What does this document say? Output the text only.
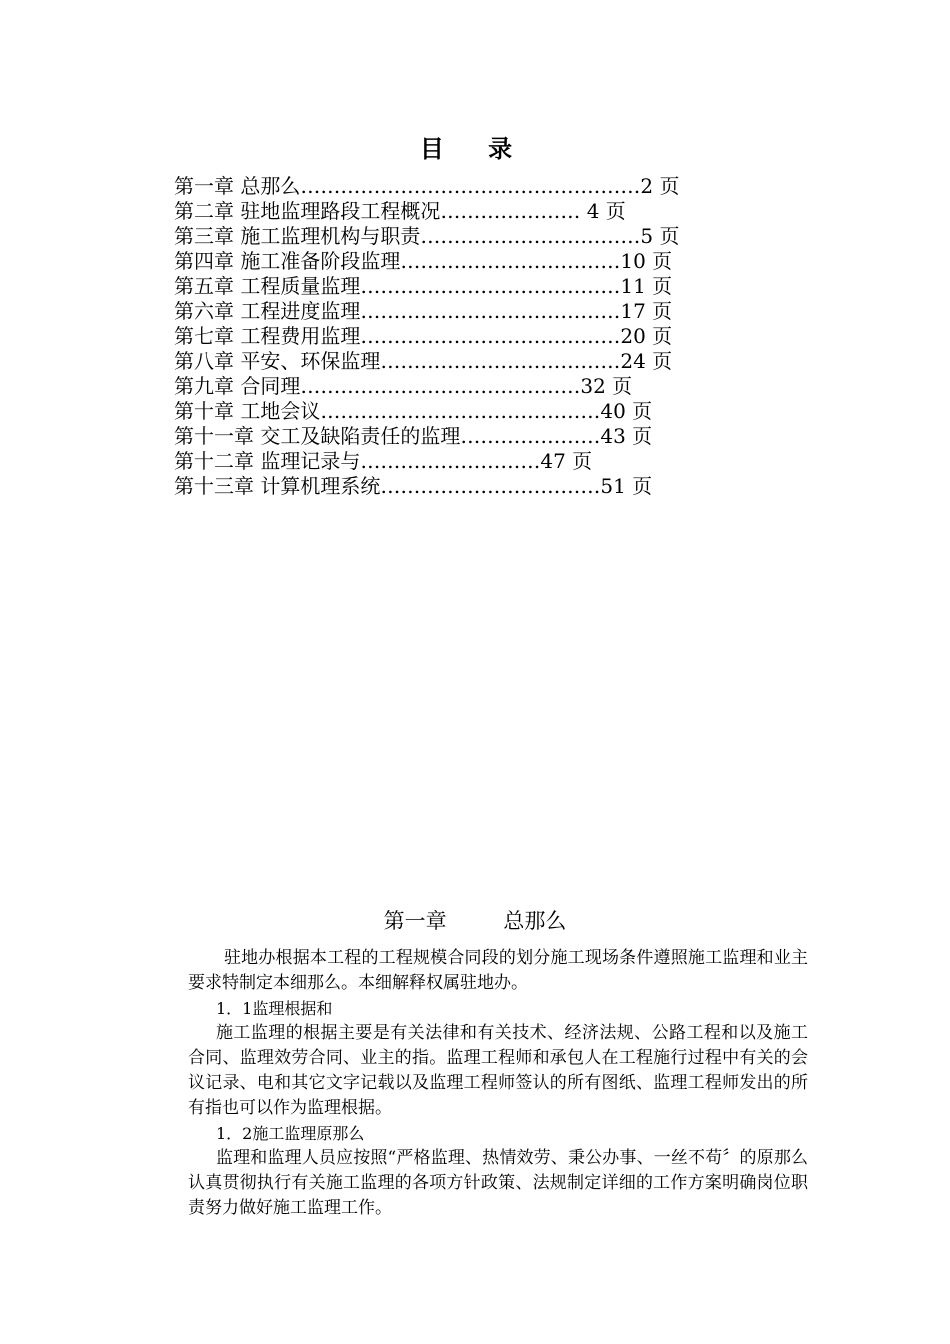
目 录
第一章 总那么……………………………………………2 页
第二章 驻地监理路段工程概况………………… 4 页
第三章 施工监理机构与职责……………………………5 页
第四章 施工准备阶段监理……………………………10 页
第五章 工程质量监理…………………………………11 页
第六章 工程进度监理…………………………………17 页
第七章 工程费用监理…………………………………20 页
第八章 平安、环保监理………………………………24 页
第九章 合同理……………………………………32 页
第十章 工地会议……………………………………40 页
第十一章 交工及缺陷责任的监理…………………43 页
第十二章 监理记录与………………………47 页
第十三章 计算机理系统……………………………51 页
第一章 总那么

驻地办根据本工程的工程规模合同段的划分施工现场条件遵照施工监理和业主要求特制定本细那么。本细解释权属驻地办。

1．1监理根据和

施工监理的根据主要是有关法律和有关技术、经济法规、公路工程和以及施工合同、监理效劳合同、业主的指。监理工程师和承包人在工程施行过程中有关的会议记录、电和其它文字记载以及监理工程师签认的所有图纸、监理工程师发出的所有指也可以作为监理根据。

1．2施工监理原那么

监理和监理人员应按照“严格监理、热情效劳、秉公办事、一丝不苟〞的原那么认真贯彻执行有关施工监理的各项方针政策、法规制定详细的工作方案明确岗位职责努力做好施工监理工作。
